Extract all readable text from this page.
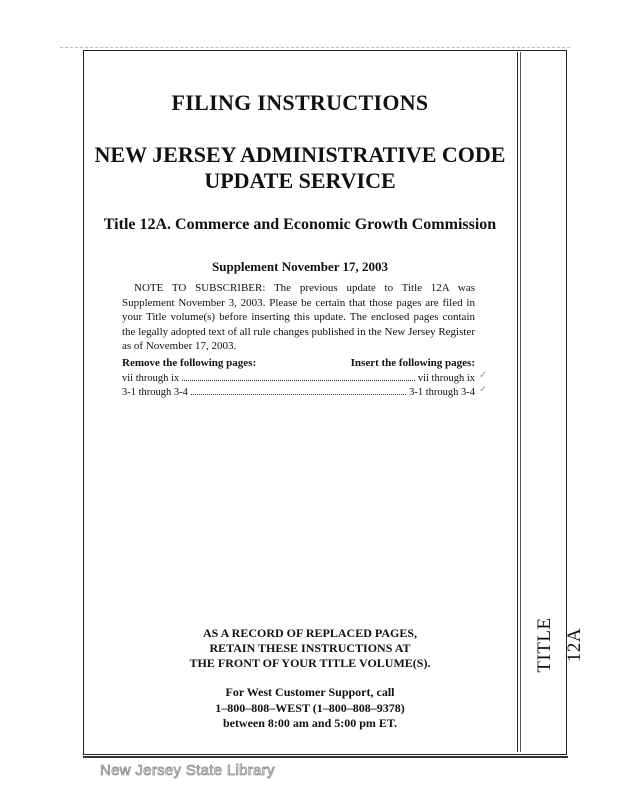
TITLE 12A
FILING INSTRUCTIONS
NEW JERSEY ADMINISTRATIVE CODE
UPDATE SERVICE
Title 12A. Commerce and Economic Growth Commission
Supplement November 17, 2003
NOTE TO SUBSCRIBER: The previous update to Title 12A was Supplement November 3, 2003. Please be certain that those pages are filed in your Title volume(s) before inserting this update. The enclosed pages contain the legally adopted text of all rule changes published in the New Jersey Register as of November 17, 2003.
Remove the following pages:	Insert the following pages:
vii through ix	vii through ix ✓
3-1 through 3-4	3-1 through 3-4 ✓
AS A RECORD OF REPLACED PAGES,
RETAIN THESE INSTRUCTIONS AT
THE FRONT OF YOUR TITLE VOLUME(S).
For West Customer Support, call
1–800–808–WEST (1–800–808–9378)
between 8:00 am and 5:00 pm ET.
New Jersey State Library
